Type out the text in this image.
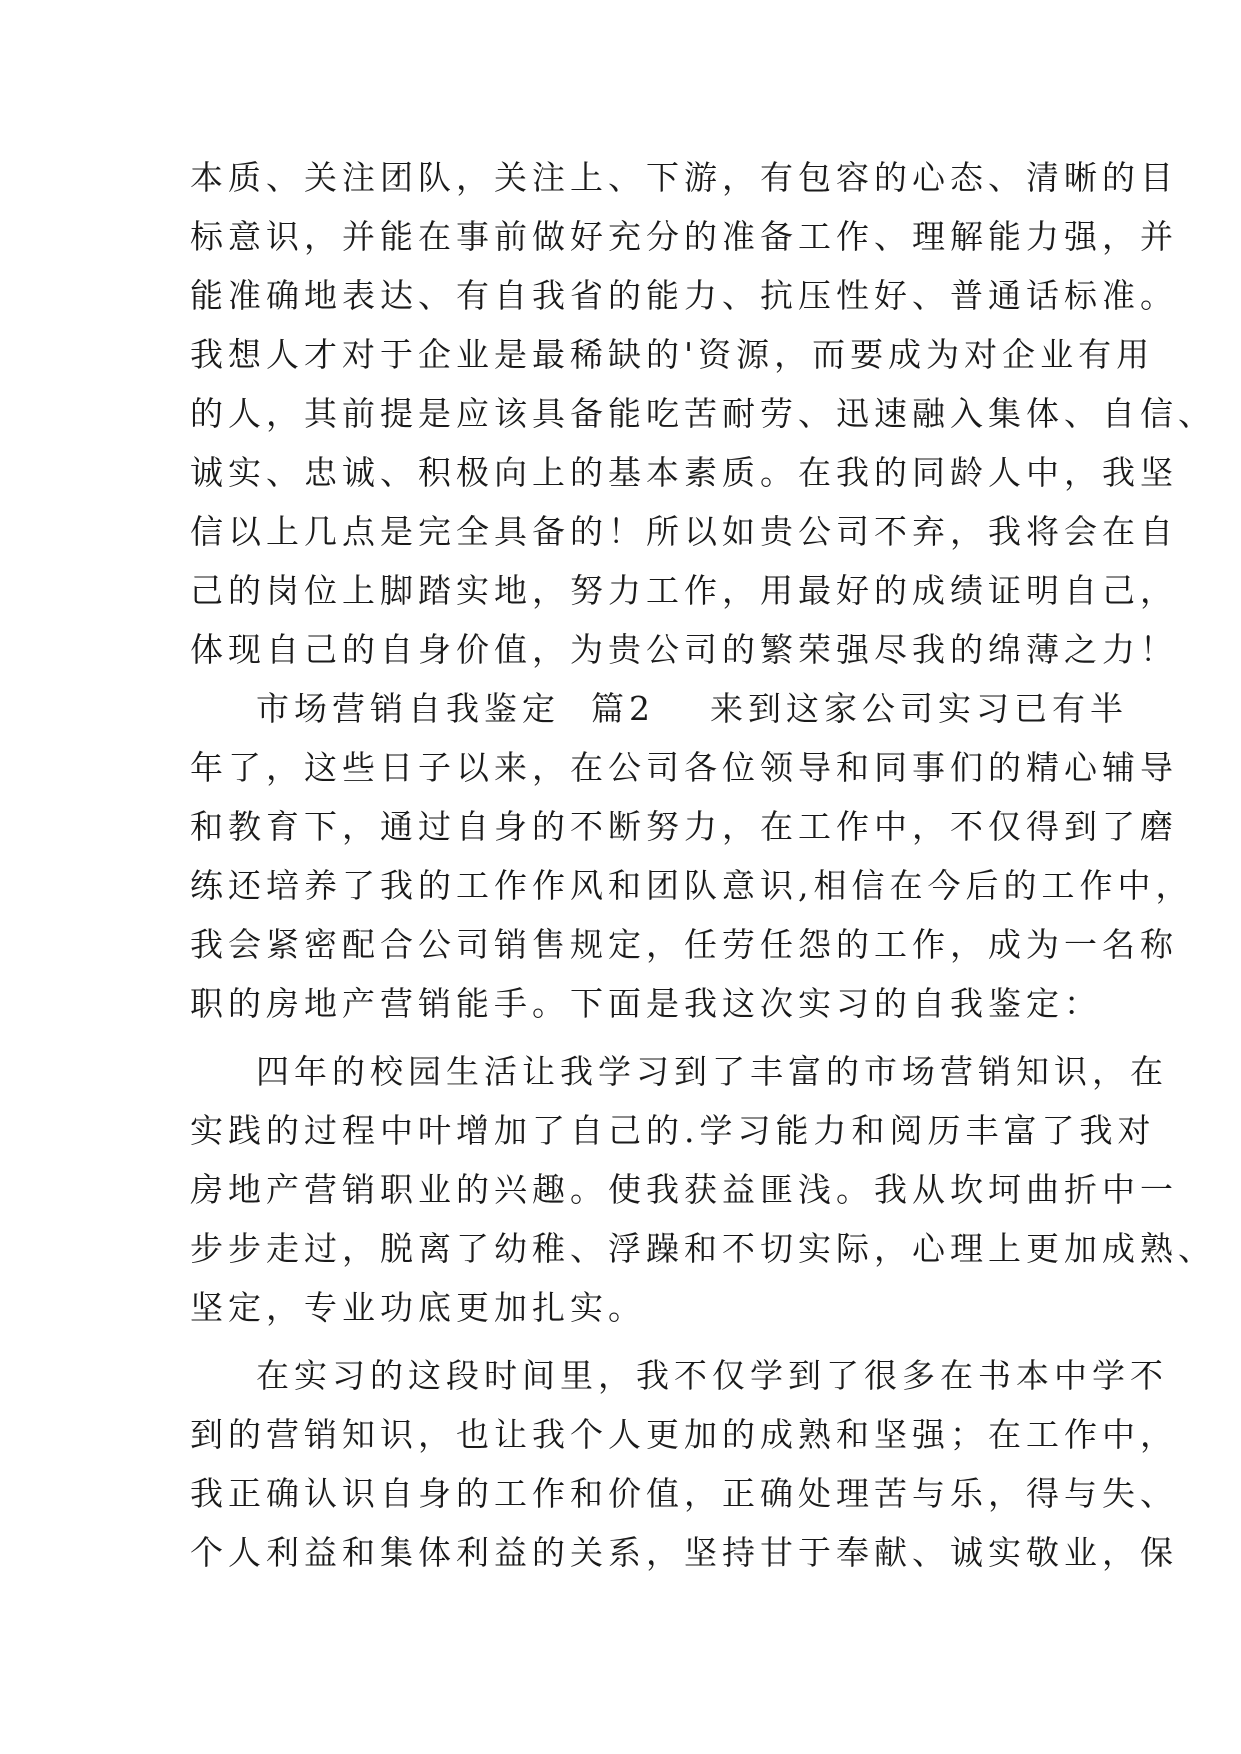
本质、关注团队，关注上、下游，有包容的心态、清晰的目
标意识，并能在事前做好充分的准备工作、理解能力强，并
能准确地表达、有自我省的能力、抗压性好、普通话标准。
我想人才对于企业是最稀缺的'资源，而要成为对企业有用
的人，其前提是应该具备能吃苦耐劳、迅速融入集体、自信、
诚实、忠诚、积极向上的基本素质。在我的同龄人中，我坚
信以上几点是完全具备的！所以如贵公司不弃，我将会在自
己的岗位上脚踏实地，努力工作，用最好的成绩证明自己，
体现自己的自身价值，为贵公司的繁荣强尽我的绵薄之力！
市场营销自我鉴定  篇2 来到这家公司实习已有半
年了，这些日子以来，在公司各位领导和同事们的精心辅导
和教育下，通过自身的不断努力，在工作中，不仅得到了磨
练还培养了我的工作作风和团队意识,相信在今后的工作中，
我会紧密配合公司销售规定，任劳任怨的工作，成为一名称
职的房地产营销能手。下面是我这次实习的自我鉴定：
四年的校园生活让我学习到了丰富的市场营销知识，在
实践的过程中叶增加了自己的.学习能力和阅历丰富了我对
房地产营销职业的兴趣。使我获益匪浅。我从坎坷曲折中一
步步走过，脱离了幼稚、浮躁和不切实际，心理上更加成熟、
坚定，专业功底更加扎实。
在实习的这段时间里，我不仅学到了很多在书本中学不
到的营销知识，也让我个人更加的成熟和坚强；在工作中，
我正确认识自身的工作和价值，正确处理苦与乐，得与失、
个人利益和集体利益的关系，坚持甘于奉献、诚实敬业，保
